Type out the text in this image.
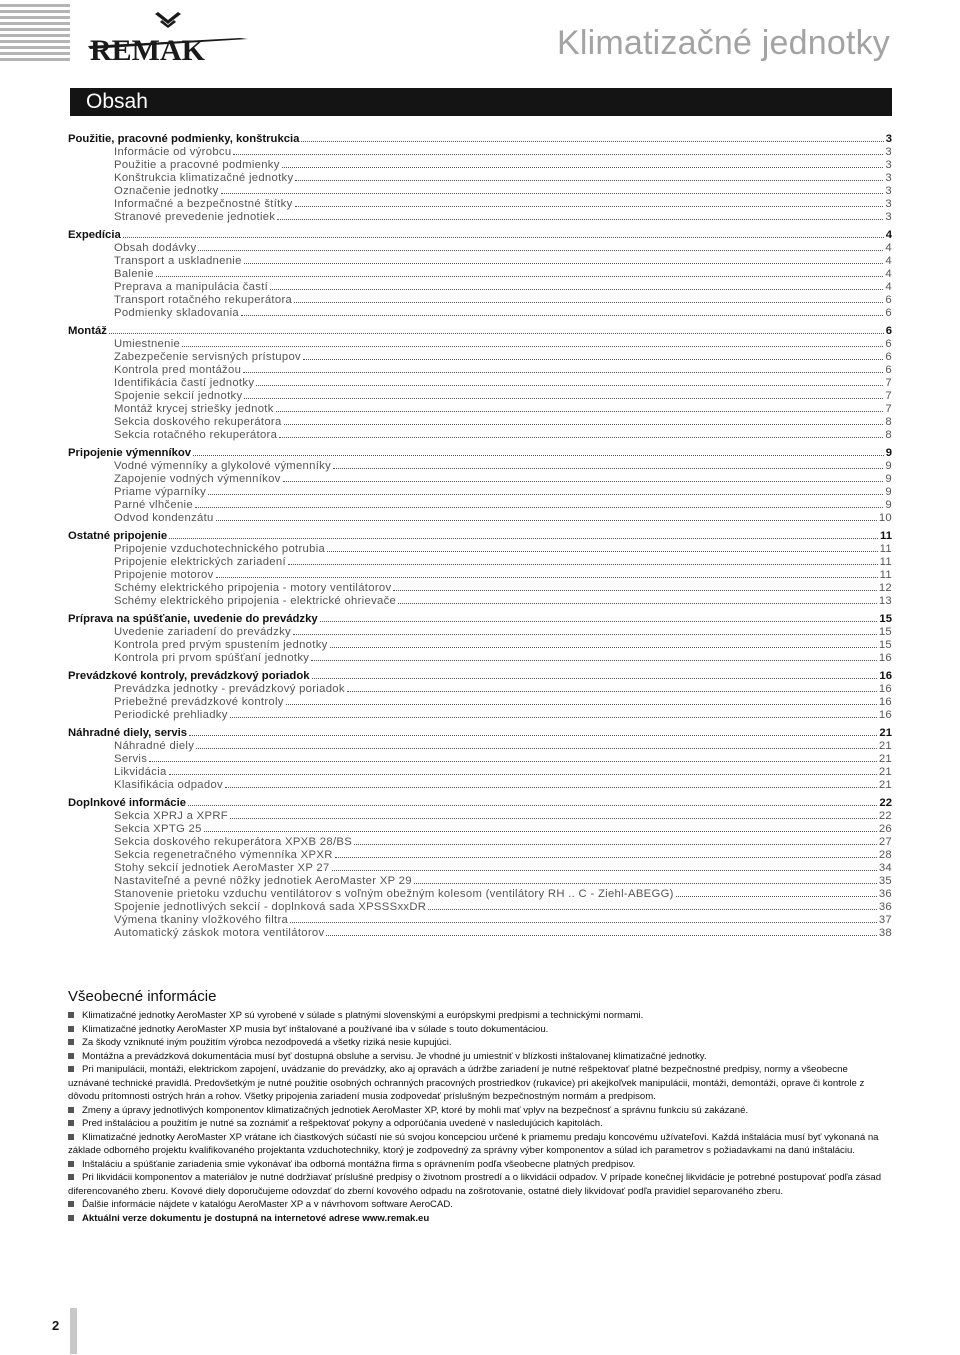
REMAK	Klimatizačné jednotky
Obsah
Použitie, pracovné podmienky, konštrukcia	3
Informácie od výrobcu	3
Použitie a pracovné podmienky	3
Konštrukcia klimatizačné jednotky	3
Označenie jednotky	3
Informačné a bezpečnostné štítky	3
Stranové prevedenie jednotiek	3
Expedícia	4
Obsah dodávky	4
Transport a uskladnenie	4
Balenie	4
Preprava a manipulácia častí	4
Transport rotačného rekuperátora	6
Podmienky skladovania	6
Montáž	6
Umiestnenie	6
Zabezpečenie servisných prístupov	6
Kontrola pred montážou	6
Identifikácia častí jednotky	7
Spojenie sekcií jednotky	7
Montáž krycej striešky jednotk	7
Sekcia doskového rekuperátora	8
Sekcia rotačného rekuperátora	8
Pripojenie výmenníkov	9
Vodné výmenníky a glykolové výmenníky	9
Zapojenie vodných výmenníkov	9
Priame výparníky	9
Parné vlhčenie	9
Odvod kondenzátu	10
Ostatné pripojenie	11
Pripojenie vzduchotechnického potrubia	11
Pripojenie elektrických zariadení	11
Pripojenie motorov	11
Schémy elektrického pripojenia - motory ventilátorov	12
Schémy elektrického pripojenia - elektrické ohrievače	13
Príprava na spúšťanie, uvedenie do prevádzky	15
Uvedenie zariadení do prevádzky	15
Kontrola pred prvým spustením jednotky	15
Kontrola pri prvom spúšťaní jednotky	16
Prevádzkové kontroly, prevádzkový poriadok	16
Prevádzka jednotky - prevádzkový poriadok	16
Priebežné prevádzkové kontroly	16
Periodické prehliadky	16
Náhradné diely, servis	21
Náhradné diely	21
Servis	21
Likvidácia	21
Klasifikácia odpadov	21
Doplnkové informácie	22
Sekcia XPRJ a XPRF	22
Sekcia XPTG 25	26
Sekcia doskového rekuperátora XPXB 28/BS	27
Sekcia regenetračného výmenníka XPXR	28
Stohy sekcií jednotiek AeroMaster XP 27	34
Nastaviteľné a pevné nôžky jednotiek AeroMaster XP 29	35
Stanovenie prietoku vzduchu ventilátorov s voľným obežným kolesom (ventilátory RH .. C - Ziehl-ABEGG)	36
Spojenie jednotlivých sekcií - doplnková sada XPSSSxxDR	36
Výmena tkaniny vložkového filtra	37
Automatický záskok motora ventilátorov	38
Všeobecné informácie
Klimatizačné jednotky AeroMaster XP sú vyrobené v súlade s platnými slovenskými a európskymi predpismi a technickými normami.
Klimatizačné jednotky AeroMaster XP musia byť inštalované a používané iba v súlade s touto dokumentáciou.
Za škody vzniknuté iným použitím výrobca nezodpovedá a všetky riziká nesie kupujúci.
Montážna a prevádzková dokumentácia musí byť dostupná obsluhe a servisu. Je vhodné ju umiestniť v blízkosti inštalovanej klimatizačné jednotky.
Pri manipulácii, montáži, elektrickom zapojení, uvádzanie do prevádzky, ako aj opravách a údržbe zariadení je nutné rešpektovať platné bezpečnostné predpisy, normy a všeobecne uznávané technické pravidlá. Predovšetkým je nutné použitie osobných ochranných pracovných prostriedkov (rukavice) pri akejkoľvek manipulácii, montáži, demontáži, oprave či kontrole z dôvodu prítomnosti ostrých hrán a rohov. Všetky pripojenia zariadení musia zodpovedať príslušným bezpečnostným normám a predpisom.
Zmeny a úpravy jednotlivých komponentov klimatizačných jednotiek AeroMaster XP, ktoré by mohli mať vplyv na bezpečnosť a správnu funkciu sú zakázané.
Pred inštaláciou a použitím je nutné sa zoznámiť a rešpektovať pokyny a odporúčania uvedené v nasledujúcich kapitolách.
Klimatizačné jednotky AeroMaster XP vrátane ich čiastkových súčastí nie sú svojou koncepciou určené k priamemu predaju koncovému užívateľovi. Každá inštalácia musí byť vykonaná na základe odborného projektu kvalifikovaného projektanta vzduchotechniky, ktorý je zodpovedný za správny výber komponentov a súlad ich parametrov s požiadavkami na danú inštaláciu.
Inštaláciu a spúšťanie zariadenia smie vykonávať iba odborná montážna firma s oprávnením podľa všeobecne platných predpisov.
Pri likvidácii komponentov a materiálov je nutné dodržiavať príslušné predpisy o životnom prostredí a o likvidácii odpadov. V prípade konečnej likvidácie je potrebné postupovať podľa zásad diferencovaného zberu. Kovové diely doporučujeme odovzdať do zberní kovového odpadu na zošrotovanie, ostatné diely likvidovať podľa pravidiel separovaného zberu.
Ďalšie informácie nájdete v katalógu AeroMaster XP a v návrhovom software AeroCAD.
Aktuálni verze dokumentu je dostupná na internetové adrese www.remak.eu
2
